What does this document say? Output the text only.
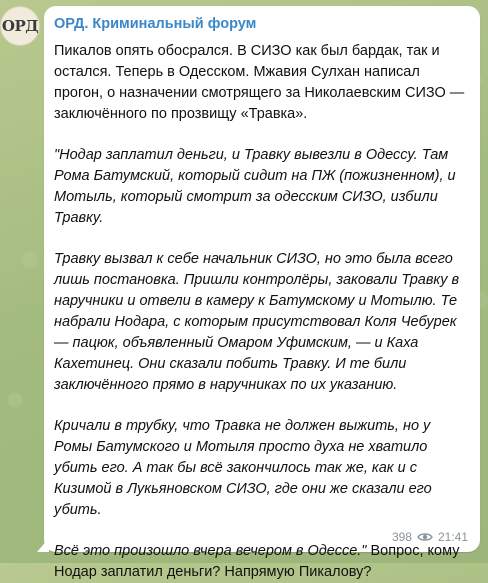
ОРД ОРД. Криминальный форум

Пикалов опять обосрался. В СИЗО как был бардак, так и остался. Теперь в Одесском. Мжавия Сулхан написал прогон, о назначении смотрящего за Николаевским СИЗО — заключённого по прозвищу «Травка».

"Нодар заплатил деньги, и Травку вывезли в Одессу. Там Рома Батумский, который сидит на ПЖ (пожизненном), и Мотыль, который смотрит за одесским СИЗО, избили Травку.

Травку вызвал к себе начальник СИЗО, но это была всего лишь постановка. Пришли контролёры, заковали Травку в наручники и отвели в камеру к Батумскому и Мотылю. Те набрали Нодара, с которым присутствовал Коля Чебурек — пацюк, объявленный Омаром Уфимским, — и Каха Кахетинец. Они сказали побить Травку. И те били заключённого прямо в наручниках по их указанию.

Кричали в трубку, что Травка не должен выжить, но у Ромы Батумского и Мотыля просто духа не хватило убить его. А так бы всё закончилось так же, как и с Кизимой в Лукьяновском СИЗО, где они же сказали его убить.

Всё это произошло вчера вечером в Одессе." Вопрос, кому Нодар заплатил деньги? Напрямую Пикалову?

398 21:41
